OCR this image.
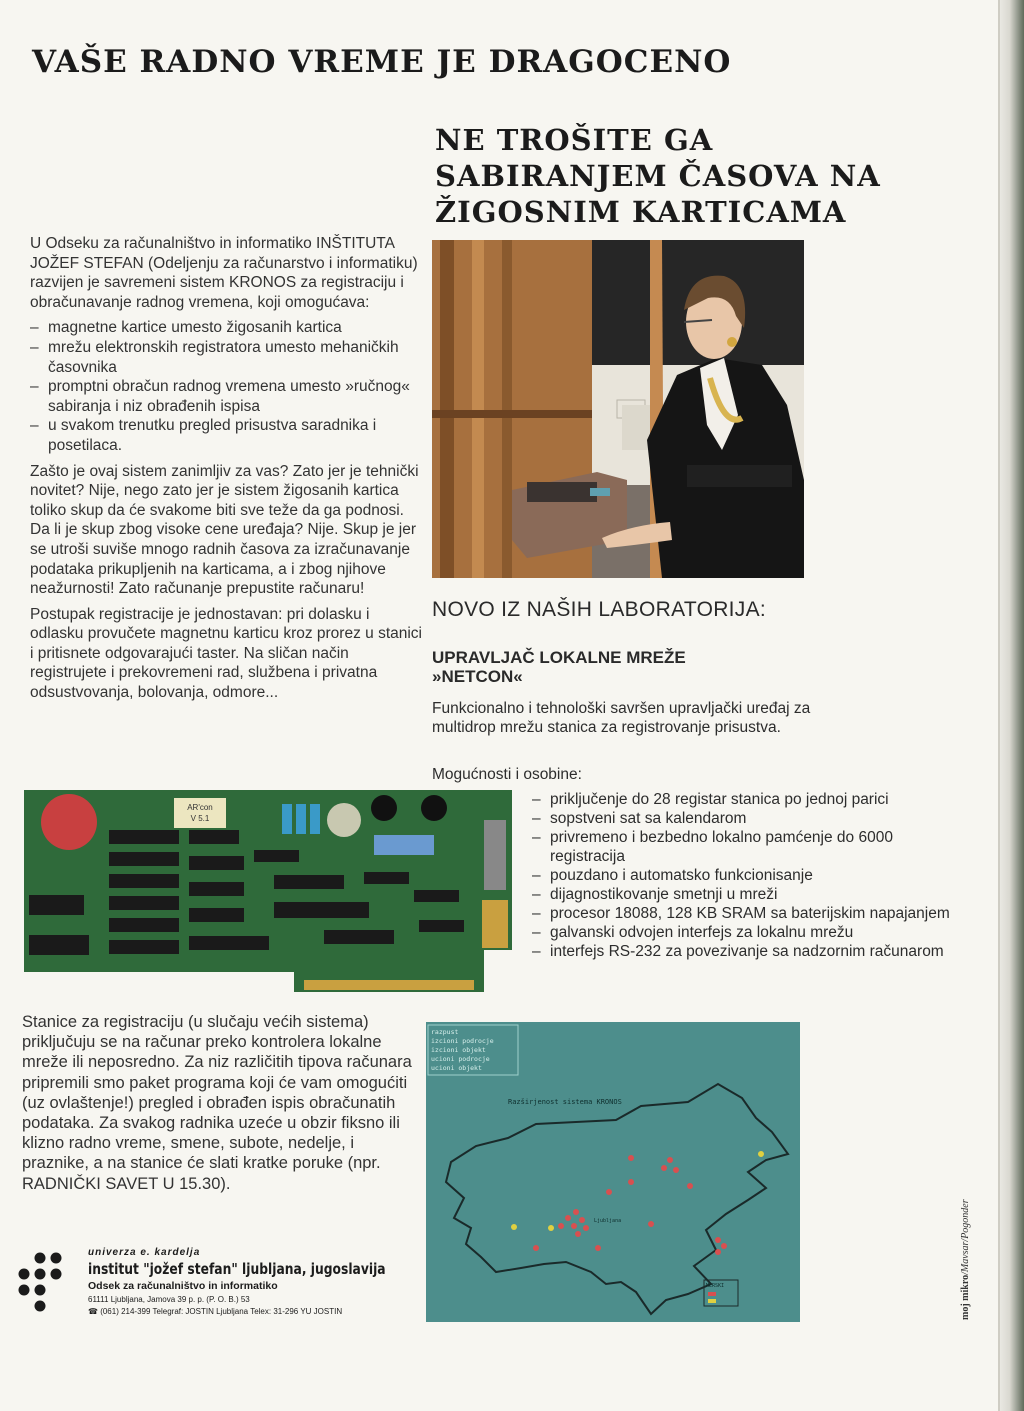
VAŠE RADNO VREME JE DRAGOCENO
NE TROŠITE GA
SABIRANJEM ČASOVA NA
ŽIGOSNIM KARTICAMA

U Odseku za računalništvo in informatiko INŠTITUTA JOŽEF STEFAN (Odeljenju za računarstvo i informatiku) razvijen je savremeni sistem KRONOS za registraciju i obračunavanje radnog vremena, koji omogućava:

– magnetne kartice umesto žigosanih kartica
– mrežu elektronskih registratora umesto mehaničkih časovnika
– promptni obračun radnog vremena umesto »ručnog« sabiranja i niz obrađenih ispisa
– u svakom trenutku pregled prisustva saradnika i posetilaca.

Zašto je ovaj sistem zanimljiv za vas? Zato jer je tehnički novitet? Nije, nego zato jer je sistem žigosanih kartica toliko skup da će svakome biti sve teže da ga podnosi. Da li je skup zbog visoke cene uređaja? Nije. Skup je jer se utroši suviše mnogo radnih časova za izračunavanje podataka prikupljenih na karticama, a i zbog njihove neažurnosti! Zato računanje prepustite računaru!

Postupak registracije je jednostavan: pri dolasku i odlasku provučete magnetnu karticu kroz prorez u stanici i pritisnete odgovarajući taster. Na sličan način registrujete i prekovremeni rad, službena i privatna odsustvovanja, bolovanja, odmore...

NOVO IZ NAŠIH LABORATORIJA:
UPRAVLJAČ LOKALNE MREŽE
»NETCON«

Funkcionalno i tehnološki savršen upravljački uređaj za multidrop mrežu stanica za registrovanje prisustva.

Mogućnosti i osobine:

– priključenje do 28 registar stanica po jednoj parici
– sopstveni sat sa kalendarom
– privremeno i bezbedno lokalno pamćenje do 6000 registracija
– pouzdano i automatsko funkcionisanje
– dijagnostikovanje smetnji u mreži
– procesor 18088, 128 KB SRAM sa baterijskim napajanjem
– galvanski odvojen interfejs za lokalnu mrežu
– interfejs RS-232 za povezivanje sa nadzornim računarom
AR'con
V 5.1

Stanice za registraciju (u slučaju većih sistema) priključuju se na računar preko kontrolera lokalne mreže ili neposredno. Za niz različitih tipova računara pripremili smo paket programa koji će vam omogućiti (uz ovlaštenje!) pregled i obrađen ispis obračunatih podataka. Za svakog radnika uzeće u obzir fiksno ili klizno radno vreme, smene, subote, nedelje, i praznike, a na stanice će slati kratke poruke (npr. RADNIČKI SAVET U 15.30).

razpust
izcioni podrocje
izcioni objekt
ucioni podrocje
ucioni objekt
Razširjenost sistema KRONOS
Ljubljana
MERSKI
univerza e. kardelja
institut "jožef stefan" ljubljana, jugoslavija
Odsek za računalništvo in informatiko
61111 Ljubljana, Jamova 39 p. p. (P. O. B.) 53
☎ (061) 214-399 Telegraf: JOSTIN Ljubljana Telex: 31-296 YU JOSTIN	moj mikro/Mavsar/Pogonder
